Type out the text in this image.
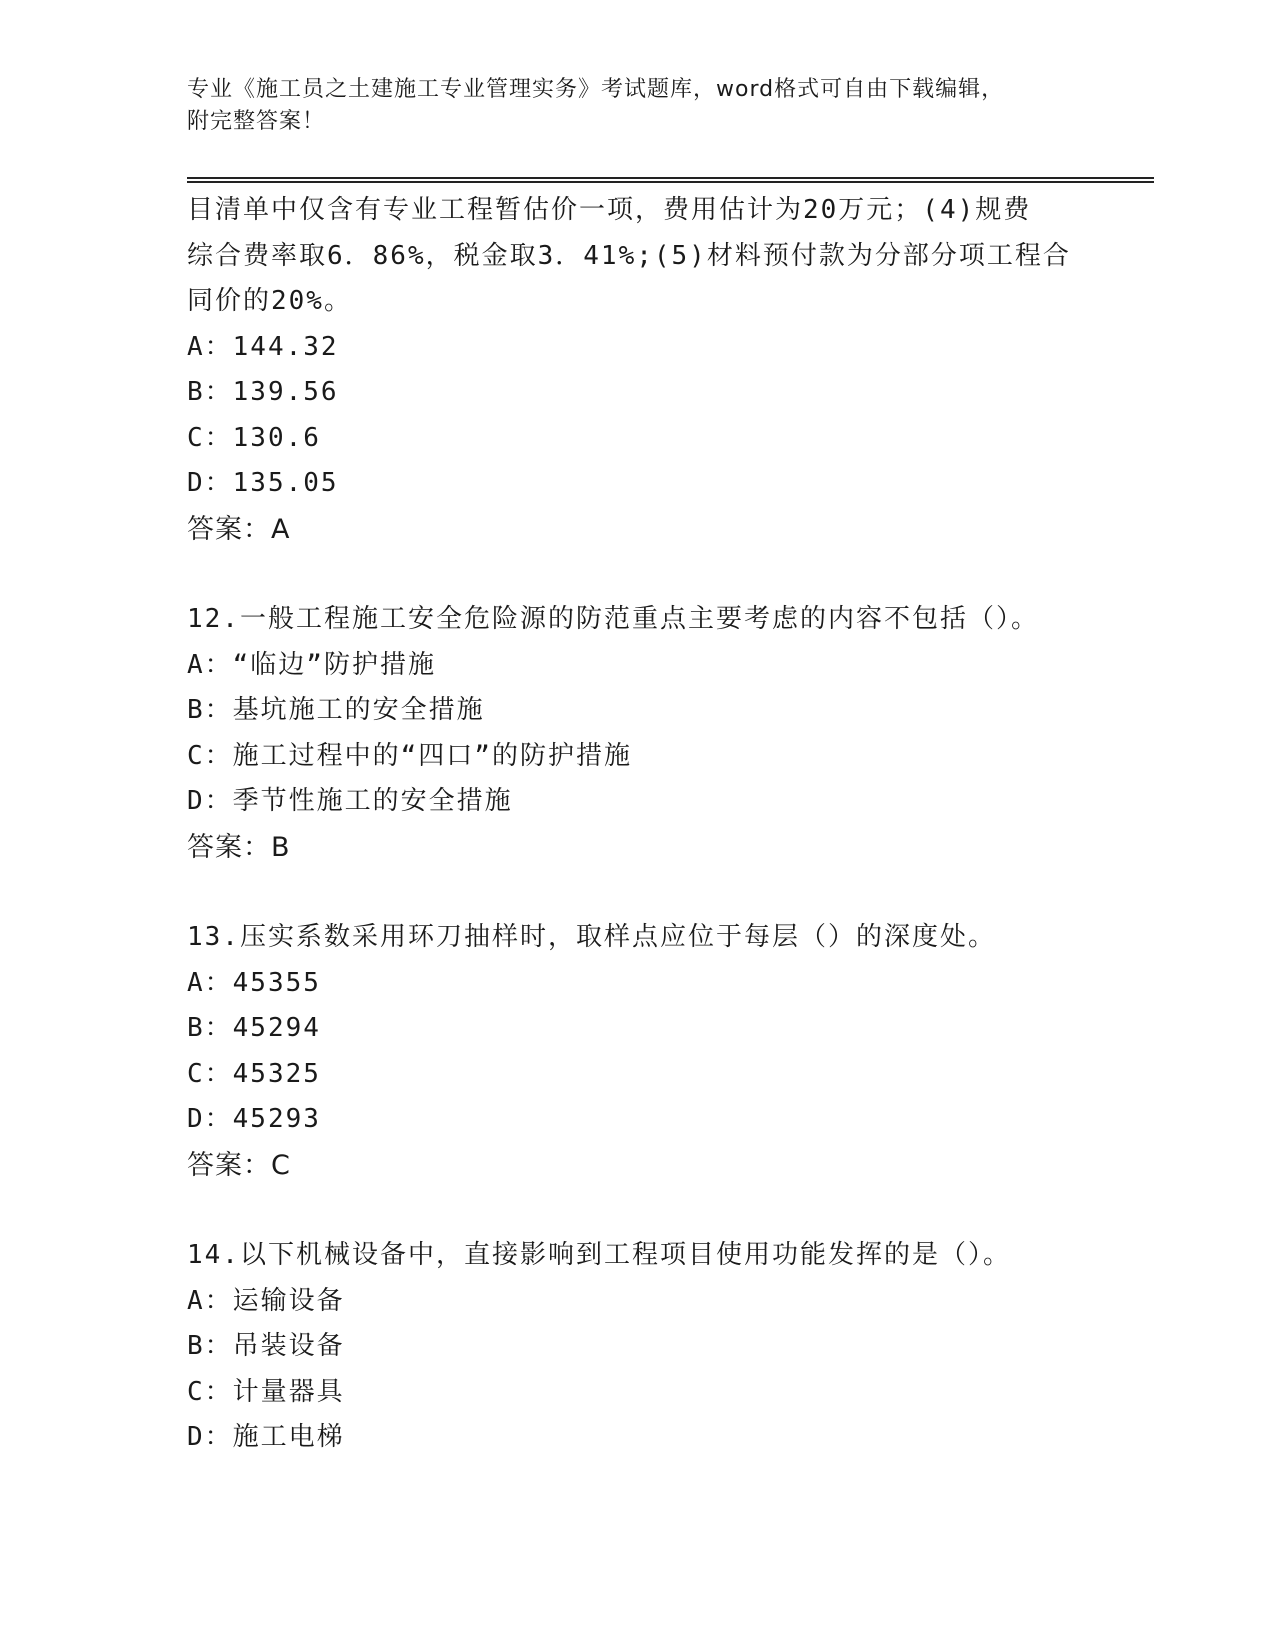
专业《施工员之土建施工专业管理实务》考试题库，word格式可自由下载编辑，
附完整答案！
目清单中仅含有专业工程暂估价一项，费用估计为20万元；(4)规费
综合费率取6．86%，税金取3．41%;(5)材料预付款为分部分项工程合
同价的20%。
A：144.32
B：139.56
C：130.6
D：135.05
答案：A
12.一般工程施工安全危险源的防范重点主要考虑的内容不包括（）。
A：“临边”防护措施
B：基坑施工的安全措施
C：施工过程中的“四口”的防护措施
D：季节性施工的安全措施
答案：B
13.压实系数采用环刀抽样时，取样点应位于每层（）的深度处。
A：45355
B：45294
C：45325
D：45293
答案：C
14.以下机械设备中，直接影响到工程项目使用功能发挥的是（）。
A：运输设备
B：吊装设备
C：计量器具
D：施工电梯
